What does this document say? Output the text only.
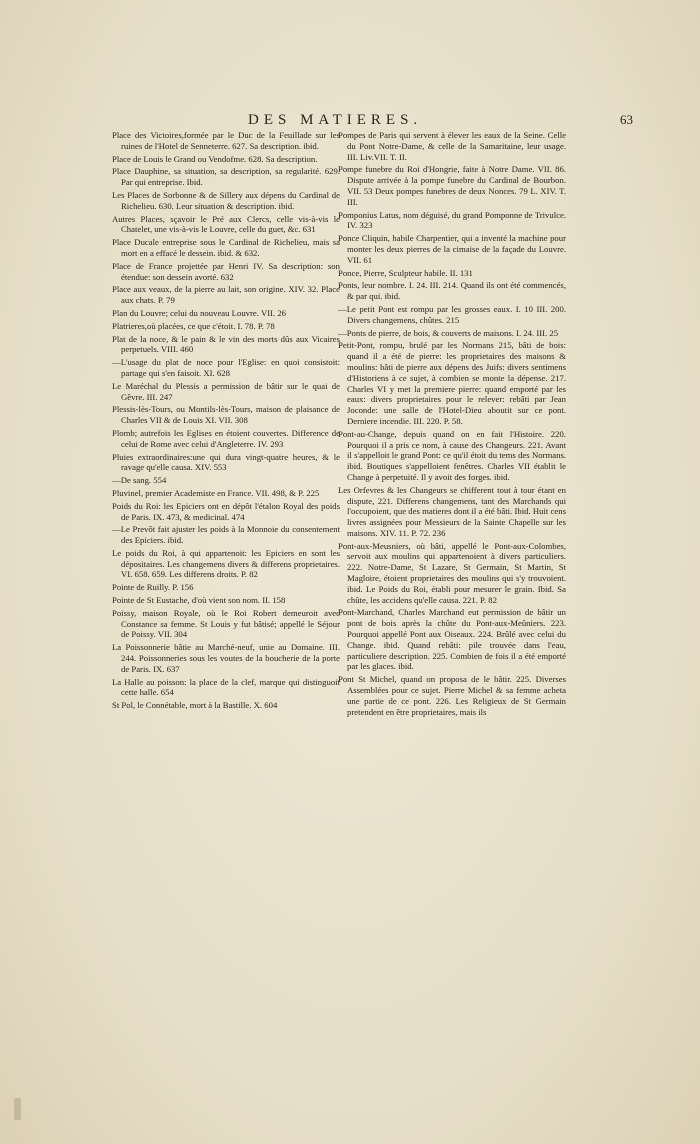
DES MATIERES.	63

Place des Victoires,formée par le Duc de la Feuillade sur les ruines de l'Hotel de Senneterre. 627. Sa description. ibid.

Place de Louis le Grand ou Vendofme. 628. Sa description.

Place Dauphine, sa situation, sa description, sa regularité. 629. Par qui entreprise. Ibid.

Les Places de Sorbonne & de Sillery aux dépens du Cardinal de Richelieu. 630. Leur situation & description. ibid.

Autres Places, sçavoir le Pré aux Clercs, celle vis-à-vis le Chatelet, une vis-à-vis le Louvre, celle du guet, &c. 631

Place Ducale entreprise sous le Cardinal de Richelieu, mais sa mort en a effacé le dessein. ibid. & 632.

Place de France projettée par Henri IV. Sa description: son étendue: son dessein avorté. 632

Place aux veaux, de la pierre au lait, son origine. XIV. 32. Place aux chats. P. 79

Plan du Louvre; celui du nouveau Louvre. VII. 26

Platrieres,où placées, ce que c'étoit. I. 78. P. 78

Plat de la noce, & le pain & le vin des morts dûs aux Vicaires perpetuels. VIII. 460

—L'usage du plat de noce pour l'Eglise: en quoi consistoit: partage qui s'en faisoit. XI. 628

Le Maréchal du Plessis a permission de bâtir sur le quai de Gêvre. III. 247

Plessis-lès-Tours, ou Montils-lès-Tours, maison de plaisance de Charles VII & de Louis XI. VII. 308

Plomb; autrefois les Eglises en étoient couvertes. Difference de celui de Rome avec celui d'Angleterre. IV. 293

Pluies extraordinaires:une qui dura vingt-quatre heures, & le ravage qu'elle causa. XIV. 553

—De sang. 554

Pluvinel, premier Academiste en France. VII. 498, & P. 225

Poids du Roi: les Epiciers ont en dépôt l'étalon Royal des poids de Paris. IX. 473, & medicinal. 474

—Le Prevôt fait ajuster les poids à la Monnoie du consentement des Epiciers. ibid.

Le poids du Roi, à qui appartenoit: les Epiciers en sont les dépositaires. Les changemens divers & differens proprietaires. VI. 658. 659. Les differens droits. P. 82

Pointe de Ruilly. P. 156

Pointe de St Eustache, d'où vient son nom. II. 158

Poissy, maison Royale, où le Roi Robert demeuroit avec Constance sa femme. St Louis y fut bâtisé; appellé le Séjour de Poissy. VII. 304

La Poissonnerie bâtie au Marché-neuf, unie au Domaine. III. 244. Poissonneries sous les voutes de la boucherie de la porte de Paris. IX. 637

La Halle au poisson: la place de la clef, marque qui distinguoit cette halle. 654

St Pol, le Connétable, mort à la Bastille. X. 604

Pompes de Paris qui servent à élever les eaux de la Seine. Celle du Pont Notre-Dame, & celle de la Samaritaine, leur usage. III. Liv.VII. T. II.

Pompe funebre du Roi d'Hongrie, faite à Notre Dame. VII. 86. Dispute arrivée à la pompe funebre du Cardinal de Bourbon. VII. 53 Deux pompes funebres de deux Nonces. 79 L. XIV. T. III.

Pomponius Latus, nom déguisé, du grand Pomponne de Trivulce. IV. 323

Ponce Cliquin, habile Charpentier, qui a inventé la machine pour monter les deux pierres de la cimaise de la façade du Louvre. VII. 61

Ponce, Pierre, Sculpteur habile. II. 131

Ponts, leur nombre. I. 24. III. 214. Quand ils ont été commencés, & par qui. ibid.

—Le petit Pont est rompu par les grosses eaux. I. 10 III. 200. Divers changemens, chûtes. 215

—Ponts de pierre, de bois, & couverts de maisons. I. 24. III. 25

Petit-Pont, rompu, brulé par les Normans 215, bâti de bois: quand il a été de pierre: les proprietaires des maisons & moulins: bâti de pierre aux dépens des Juifs: divers sentimens d'Historiens à ce sujet, à combien se monte la dépense. 217. Charles VI y met la premiere pierre: quand emporté par les eaux: divers proprietaires pour le relever: rebâti par Jean Joconde: une salle de l'Hotel-Dieu aboutit sur ce pont. Derniere incendie. III. 220. P. 58.

Pont-au-Change, depuis quand on en fait l'Histoire. 220. Pourquoi il a pris ce nom, à cause des Changeurs. 221. Avant il s'appelloit le grand Pont: ce qu'il étoit du tems des Normans. ibid. Boutiques s'appelloient fenêtres. Charles VII établit le Change à perpetuité. Il y avoit des forges. ibid.

Les Orfevres & les Changeurs se chifferent tout à tour étant en dispute, 221. Differens changemens, tant des Marchands qui l'occupoient, que des matieres dont il a été bâti. Ibid. Huit cens livres assignées pour Messieurs de la Sainte Chapelle sur les maisons. XIV. 11. P. 72. 236

Pont-aux-Meusniers, où bâti, appellé le Pont-aux-Colombes, servoit aux moulins qui appartenoient à divers particuliers. 222. Notre-Dame, St Lazare, St Germain, St Martin, St Magloire, étoient proprietaires des moulins qui s'y trouvoient. ibid. Le Poids du Roi, établi pour mesurer le grain. Ibid. Sa chûte, les accidens qu'elle causa. 221. P. 82

Pont-Marchand, Charles Marchand eut permission de bâtir un pont de bois après la chûte du Pont-aux-Meûniers. 223. Pourquoi appellé Pont aux Oiseaux. 224. Brûlé avec celui du Change. ibid. Quand rebâti: pile trouvée dans l'eau, particuliere description. 225. Combien de fois il a été emporté par les glaces. ibid.

Pont St Michel, quand on proposa de le bâtir. 225. Diverses Assemblées pour ce sujet. Pierre Michel & sa femme acheta une partie de ce pont. 226. Les Religieux de St Germain pretendent en être proprietaires, mais ils
